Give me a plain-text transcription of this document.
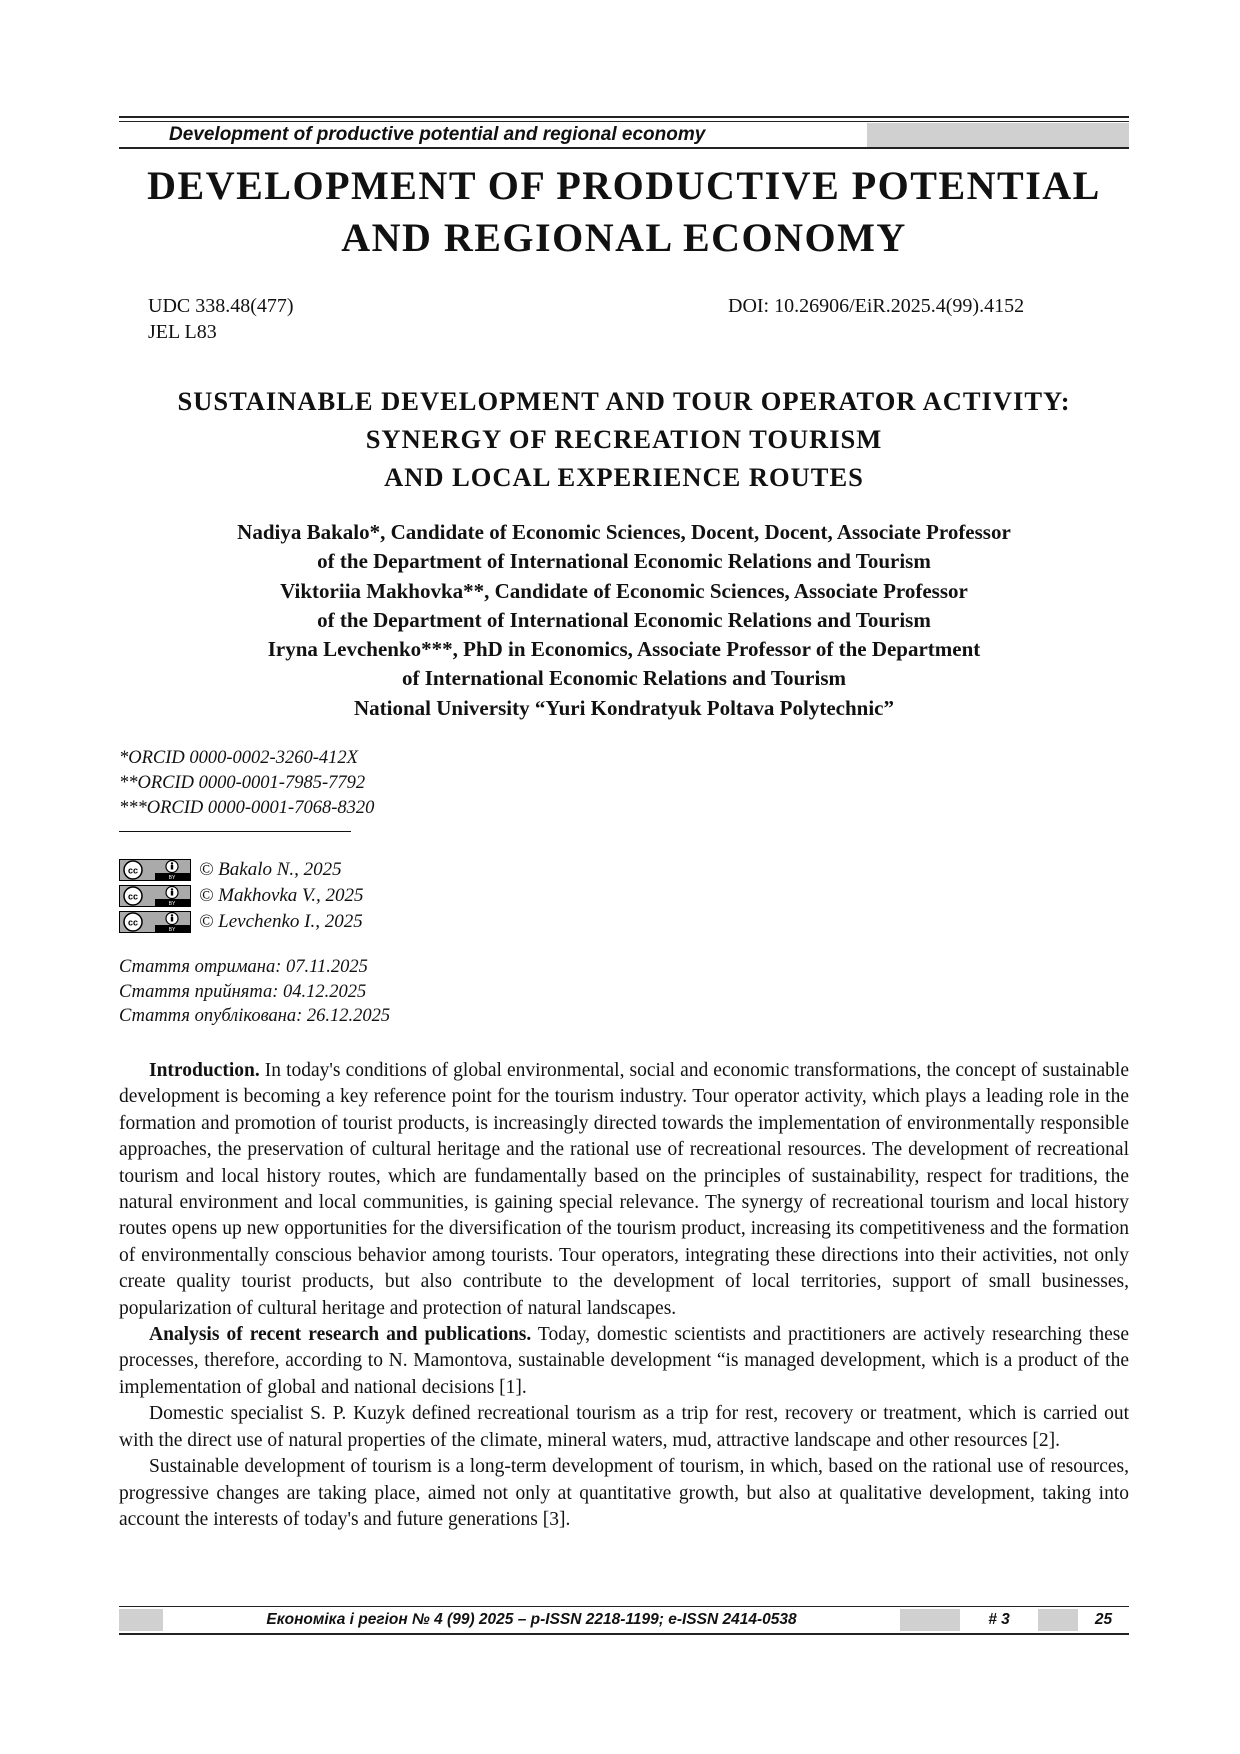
Development of productive potential and regional economy
DEVELOPMENT OF PRODUCTIVE POTENTIAL
AND REGIONAL ECONOMY
UDC 338.48(477)
JEL L83
DOI: 10.26906/EiR.2025.4(99).4152
SUSTAINABLE DEVELOPMENT AND TOUR OPERATOR ACTIVITY:
SYNERGY OF RECREATION TOURISM
AND LOCAL EXPERIENCE ROUTES
Nadiya Bakalo*, Candidate of Economic Sciences, Docent, Docent, Associate Professor
of the Department of International Economic Relations and Tourism
Viktoriia Makhovka**, Candidate of Economic Sciences, Associate Professor
of the Department of International Economic Relations and Tourism
Iryna Levchenko***, PhD in Economics, Associate Professor of the Department
of International Economic Relations and Tourism
National University “Yuri Kondratyuk Poltava Polytechnic”
*ORCID 0000-0002-3260-412X
**ORCID 0000-0001-7985-7792
***ORCID 0000-0001-7068-8320
cc
BY © Bakalo N., 2025
cc
BY © Makhovka V., 2025
cc
BY © Levchenko I., 2025
Стаття отримана: 07.11.2025
Стаття прийнята: 04.12.2025
Стаття опублікована: 26.12.2025

Introduction. In today's conditions of global environmental, social and economic transformations, the concept of sustainable development is becoming a key reference point for the tourism industry. Tour operator activity, which plays a leading role in the formation and promotion of tourist products, is increasingly directed towards the implementation of environmentally responsible approaches, the preservation of cultural heritage and the rational use of recreational resources. The development of recreational tourism and local history routes, which are fundamentally based on the principles of sustainability, respect for traditions, the natural environment and local communities, is gaining special relevance. The synergy of recreational tourism and local history routes opens up new opportunities for the diversification of the tourism product, increasing its competitiveness and the formation of environmentally conscious behavior among tourists. Tour operators, integrating these directions into their activities, not only create quality tourist products, but also contribute to the development of local territories, support of small businesses, popularization of cultural heritage and protection of natural landscapes.

Analysis of recent research and publications. Today, domestic scientists and practitioners are actively researching these processes, therefore, according to N. Mamontova, sustainable development “is managed development, which is a product of the implementation of global and national decisions [1].

Domestic specialist S. P. Kuzyk defined recreational tourism as a trip for rest, recovery or treatment, which is carried out with the direct use of natural properties of the climate, mineral waters, mud, attractive landscape and other resources [2].

Sustainable development of tourism is a long-term development of tourism, in which, based on the rational use of resources, progressive changes are taking place, aimed not only at quantitative growth, but also at qualitative development, taking into account the interests of today's and future generations [3].

Економіка і регіон № 4 (99) 2025 – p-ISSN 2218-1199; e-ISSN 2414-0538	# 3	25
